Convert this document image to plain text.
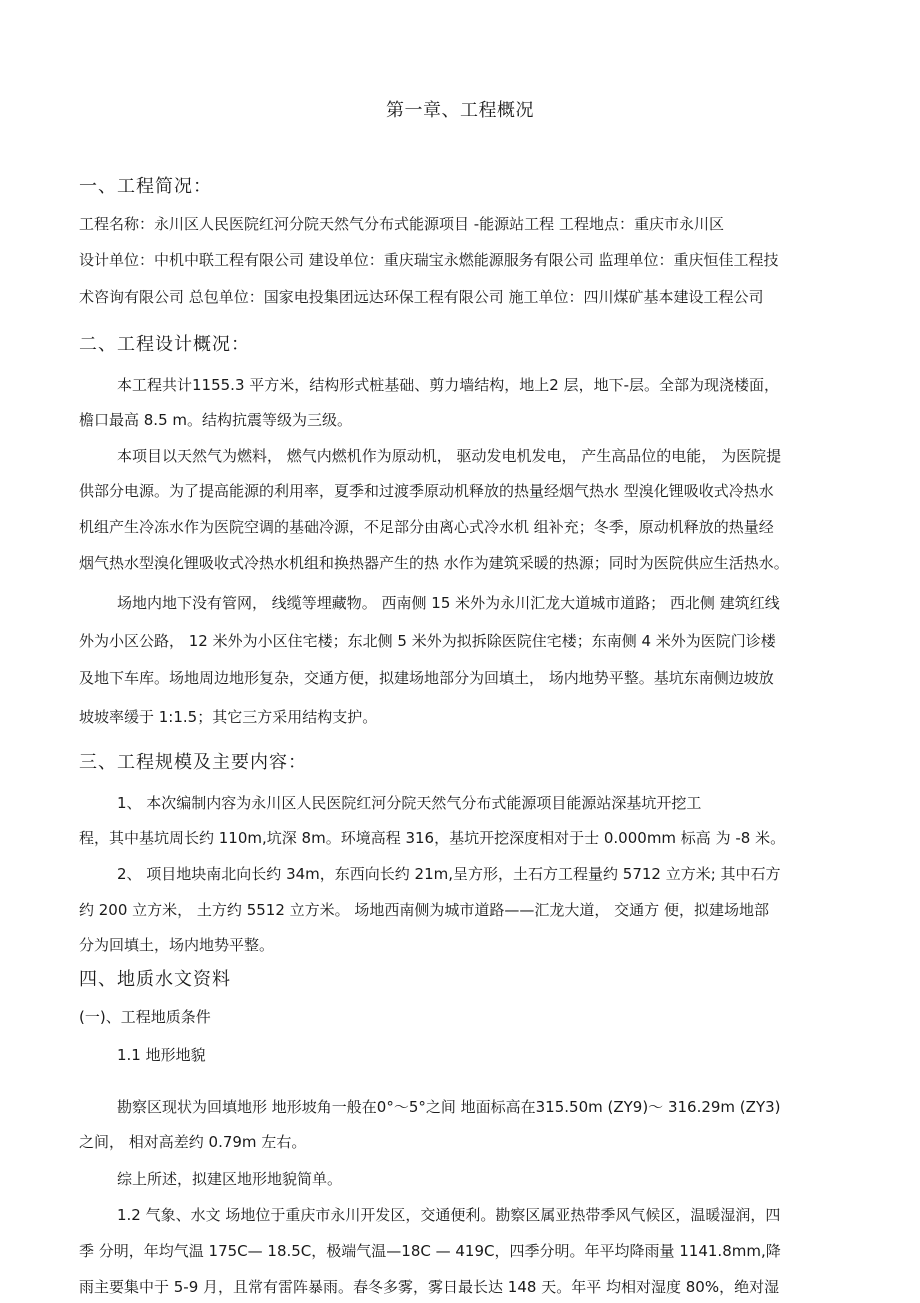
第一章、工程概况
一、工程简况：
工程名称：永川区人民医院红河分院天然气分布式能源项目 -能源站工程 工程地点：重庆市永川区
设计单位：中机中联工程有限公司 建设单位：重庆瑞宝永燃能源服务有限公司 监理单位：重庆恒佳工程技
术咨询有限公司 总包单位：国家电投集团远达环保工程有限公司 施工单位：四川煤矿基本建设工程公司
二、工程设计概况：
本工程共计1155.3 平方米，结构形式桩基础、剪力墙结构，地上2 层，地下-层。全部为现浇楼面，
檐口最高 8.5 m。结构抗震等级为三级。
本项目以天然气为燃料， 燃气内燃机作为原动机， 驱动发电机发电， 产生高品位的电能， 为医院提
供部分电源。为了提高能源的利用率，夏季和过渡季原动机释放的热量经烟气热水 型溴化锂吸收式冷热水
机组产生冷冻水作为医院空调的基础冷源，不足部分由离心式冷水机 组补充；冬季，原动机释放的热量经
烟气热水型溴化锂吸收式冷热水机组和换热器产生的热 水作为建筑采暖的热源；同时为医院供应生活热水。
场地内地下没有管网， 线缆等埋藏物。 西南侧 15 米外为永川汇龙大道城市道路； 西北侧 建筑红线
外为小区公路， 12 米外为小区住宅楼；东北侧 5 米外为拟拆除医院住宅楼；东南侧 4 米外为医院门诊楼
及地下车库。场地周边地形复杂，交通方便，拟建场地部分为回填土， 场内地势平整。基坑东南侧边坡放
坡坡率缓于 1:1.5；其它三方采用结构支护。
三、工程规模及主要内容：
1、 本次编制内容为永川区人民医院红河分院天然气分布式能源项目能源站深基坑开挖工
程，其中基坑周长约 110m,坑深 8m。环境高程 316，基坑开挖深度相对于士 0.000mm 标高 为 -8 米。
2、 项目地块南北向长约 34m，东西向长约 21m,呈方形，土石方工程量约 5712 立方米; 其中石方
约 200 立方米， 土方约 5512 立方米。 场地西南侧为城市道路——汇龙大道， 交通方 便，拟建场地部
分为回填土，场内地势平整。
四、地质水文资料
(一)、工程地质条件
1.1 地形地貌
勘察区现状为回填地形 地形坡角一般在0°～5°之间 地面标高在315.50m (ZY9)～ 316.29m (ZY3)
之间， 相对高差约 0.79m 左右。
综上所述，拟建区地形地貌简单。
1.2 气象、水文 场地位于重庆市永川开发区，交通便利。勘察区属亚热带季风气候区，温暖湿润，四
季 分明，年均气温 175C— 18.5C，极端气温—18C — 419C，四季分明。年平均降雨量 1141.8mm,降
雨主要集中于 5-9 月，且常有雷阵暴雨。春冬多雾，雾日最长达 148 天。年平 均相对湿度 80%，绝对湿
